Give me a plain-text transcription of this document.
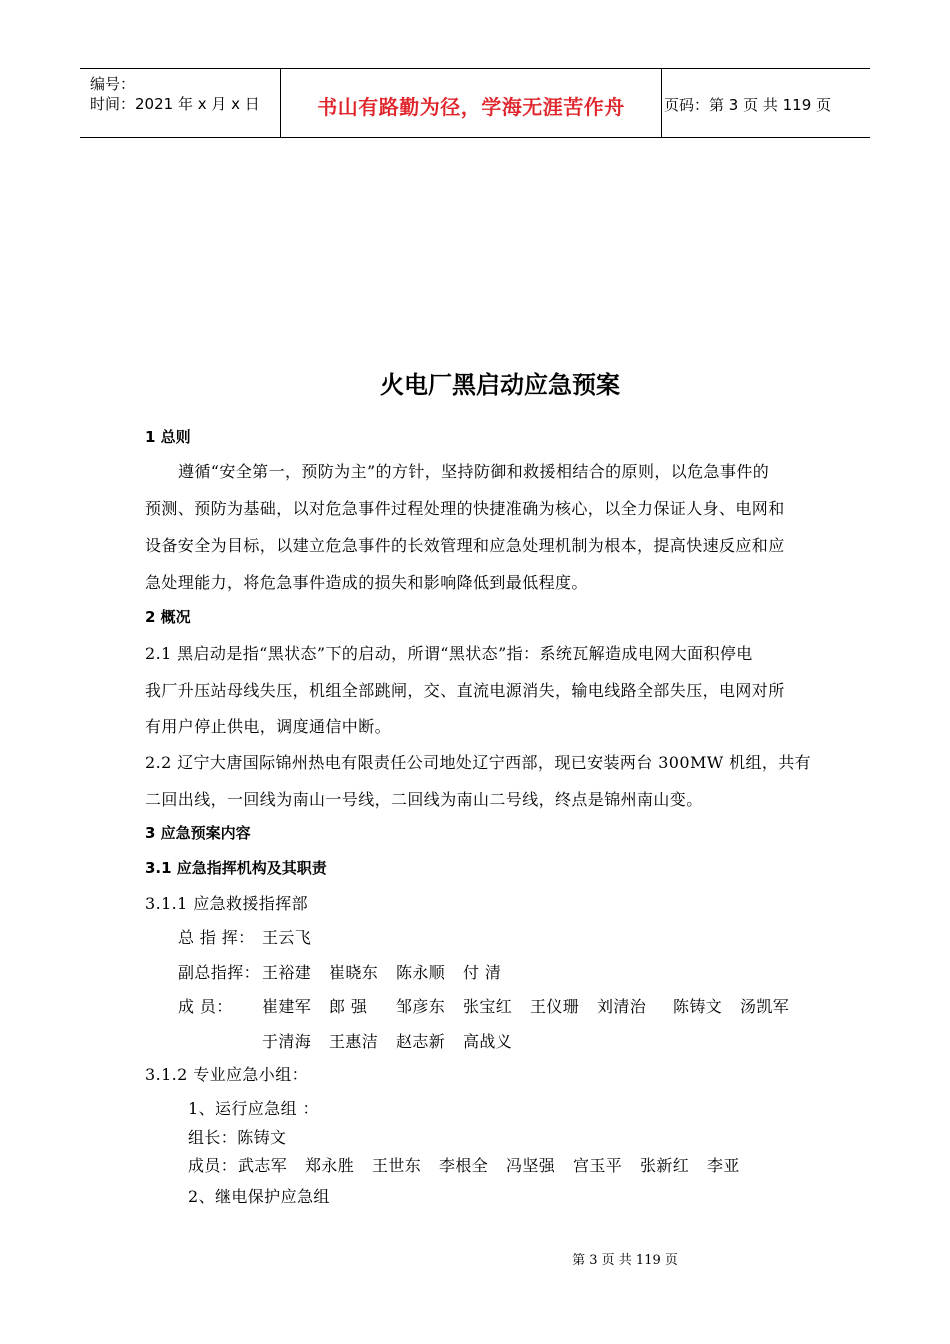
编号：
时间：2021 年 x 月 x 日	书山有路勤为径，学海无涯苦作舟	页码：第 3 页 共 119 页
火电厂黑启动应急预案
1 总则
遵循“安全第一，预防为主”的方针，坚持防御和救援相结合的原则，以危急事件的
预测、预防为基础，以对危急事件过程处理的快捷准确为核心，以全力保证人身、电网和
设备安全为目标，以建立危急事件的长效管理和应急处理机制为根本，提高快速反应和应
急处理能力，将危急事件造成的损失和影响降低到最低程度。
2 概况
2.1 黑启动是指“黑状态”下的启动，所谓“黑状态”指：系统瓦解造成电网大面积停电
我厂升压站母线失压，机组全部跳闸，交、直流电源消失，输电线路全部失压，电网对所
有用户停止供电，调度通信中断。
2.2 辽宁大唐国际锦州热电有限责任公司地处辽宁西部，现已安装两台 300MW 机组，共有
二回出线，一回线为南山一号线，二回线为南山二号线，终点是锦州南山变。
3 应急预案内容
3.1 应急指挥机构及其职责
3.1.1 应急救援指挥部
总 指 挥： 王云飞
副总指挥： 王裕建 崔晓东 陈永顺 付 清
成 员： 崔建军 郎 强 邹彦东 张宝红 王仪珊 刘清治 陈铸文 汤凯军
于清海 王惠洁 赵志新 高战义
3.1.2 专业应急小组：
1、运行应急组 ：
组长：陈铸文
成员： 武志军 郑永胜 王世东 李根全 冯坚强 宫玉平 张新红 李亚
2、继电保护应急组
第 3 页 共 119 页
